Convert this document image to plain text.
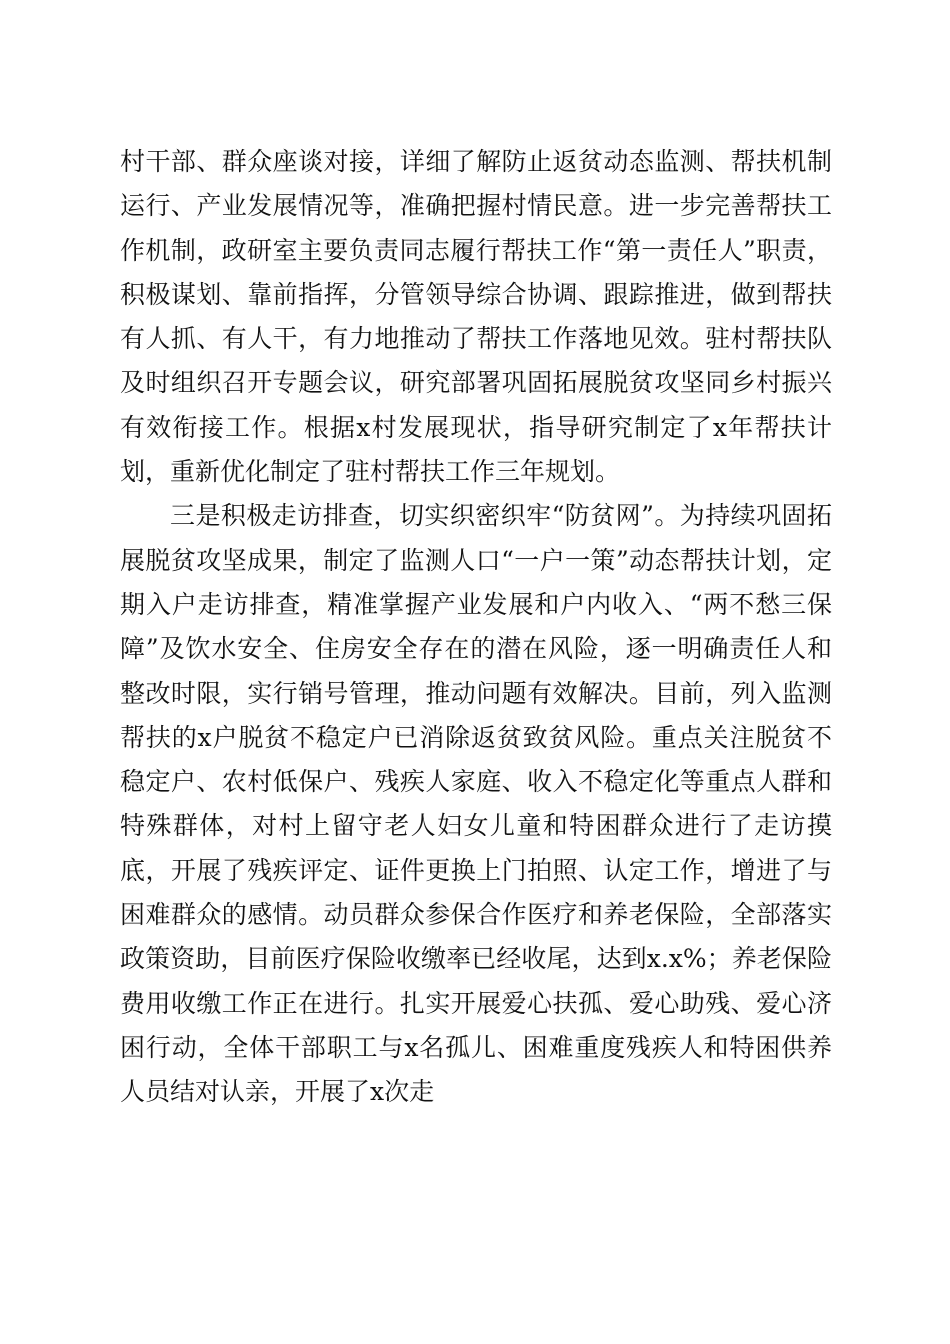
村干部、群众座谈对接，详细了解防止返贫动态监测、帮扶机制运行、产业发展情况等，准确把握村情民意。进一步完善帮扶工作机制，政研室主要负责同志履行帮扶工作“第一责任人”职责，积极谋划、靠前指挥，分管领导综合协调、跟踪推进，做到帮扶有人抓、有人干，有力地推动了帮扶工作落地见效。驻村帮扶队及时组织召开专题会议，研究部署巩固拓展脱贫攻坚同乡村振兴有效衔接工作。根据x村发展现状，指导研究制定了x年帮扶计划，重新优化制定了驻村帮扶工作三年规划。

三是积极走访排查，切实织密织牢“防贫网”。为持续巩固拓展脱贫攻坚成果，制定了监测人口“一户一策”动态帮扶计划，定期入户走访排查，精准掌握产业发展和户内收入、“两不愁三保障”及饮水安全、住房安全存在的潜在风险，逐一明确责任人和整改时限，实行销号管理，推动问题有效解决。目前，列入监测帮扶的x户脱贫不稳定户已消除返贫致贫风险。重点关注脱贫不稳定户、农村低保户、残疾人家庭、收入不稳定化等重点人群和特殊群体，对村上留守老人妇女儿童和特困群众进行了走访摸底，开展了残疾评定、证件更换上门拍照、认定工作，增进了与困难群众的感情。动员群众参保合作医疗和养老保险，全部落实政策资助，目前医疗保险收缴率已经收尾，达到x.x%；养老保险费用收缴工作正在进行。扎实开展爱心扶孤、爱心助残、爱心济困行动，全体干部职工与x名孤儿、困难重度残疾人和特困供养人员结对认亲，开展了x次走
